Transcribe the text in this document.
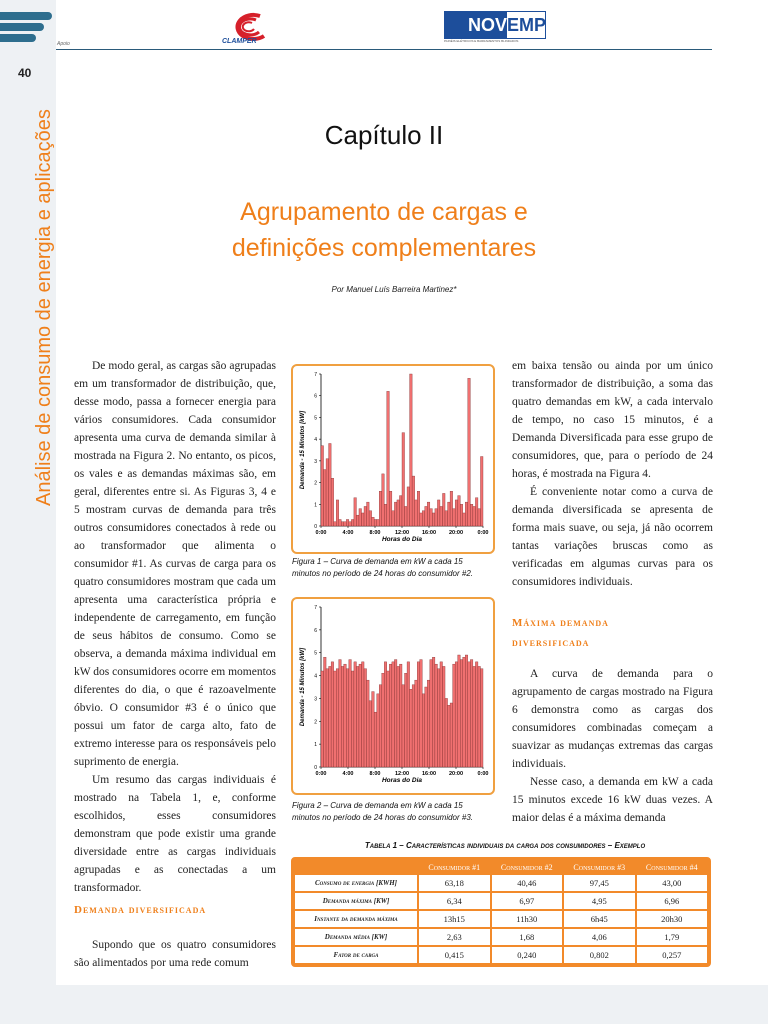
40
Análise de consumo de energia e aplicações
Apoio	CLAMPER
NOV EMP
PAINÉIS ELÉTRICOS E BARRAMENTOS BLINDADOS
Capítulo II
Agrupamento de cargas e
definições complementares
Por Manuel Luís Barreira Martinez*

De modo geral, as cargas são agrupadas em um transformador de distribuição, que, desse modo, passa a fornecer energia para vários consumidores. Cada consumidor apresenta uma curva de demanda similar à mostrada na Figura 2. No entanto, os picos, os vales e as demandas máximas são, em geral, diferentes entre si. As Figuras 3, 4 e 5 mostram curvas de demanda para três outros consumidores conectados à rede ou ao transformador que alimenta o consumidor #1. As curvas de carga para os quatro consumidores mostram que cada um apresenta uma característica própria e independente de carregamento, em função de seus hábitos de consumo. Como se observa, a demanda máxima individual em kW dos consumidores ocorre em momentos diferentes do dia, o que é razoavelmente óbvio. O consumidor #3 é o único que possui um fator de carga alto, fato de extremo interesse para os responsáveis pelo suprimento de energia.

Um resumo das cargas individuais é mostrado na Tabela 1, e, conforme escolhidos, esses consumidores demonstram que pode existir uma grande diversidade entre as cargas individuais agrupadas e as conectadas a um transformador.

Demanda diversificada

Supondo que os quatro consumidores são alimentados por uma rede comum

em baixa tensão ou ainda por um único transformador de distribuição, a soma das quatro demandas em kW, a cada intervalo de tempo, no caso 15 minutos, é a Demanda Diversificada para esse grupo de consumidores, que, para o período de 24 horas, é mostrada na Figura 4.

É conveniente notar como a curva de demanda diversificada se apresenta de forma mais suave, ou seja, já não ocorrem tantas variações bruscas como as verificadas em algumas curvas para os consumidores individuais.

Máxima demanda
diversificada

A curva de demanda para o agrupamento de cargas mostrado na Figura 6 demonstra como as cargas dos consumidores combinadas começam a suavizar as mudanças extremas das cargas individuais.

Nesse caso, a demanda em kW a cada 15 minutos excede 16 kW duas vezes. A maior delas é a máxima demanda

0
1
2
3
4
5
6
7
0:00	4:00	8:00	12:00 16:00 20:00	0:00
Horas do Dia
Demanda - 15 Minutos [kW]
Figura 1 – Curva de demanda em kW a cada 15 minutos no período de 24 horas do consumidor #2.
0
1
2
3
4
5
6
7
0:00	4:00	8:00	12:00 16:00 20:00	0:00
Horas do Dia
Demanda - 15 Minutos [kW]
Figura 2 – Curva de demanda em kW a cada 15 minutos no período de 24 horas do consumidor #3.
Tabela 1 – Características individuais da carga dos consumidores – Exemplo
	Consumidor #1	Consumidor #2	Consumidor #3	Consumidor #4
Consumo de energia [KWH]	63,18	40,46	97,45	43,00
Demanda máxima [KW]	6,34	6,97	4,95	6,96
Instante da demanda máxima	13h15	11h30	6h45	20h30
Demanda média [KW]	2,63	1,68	4,06	1,79
Fator de carga	0,415	0,240	0,802	0,257
